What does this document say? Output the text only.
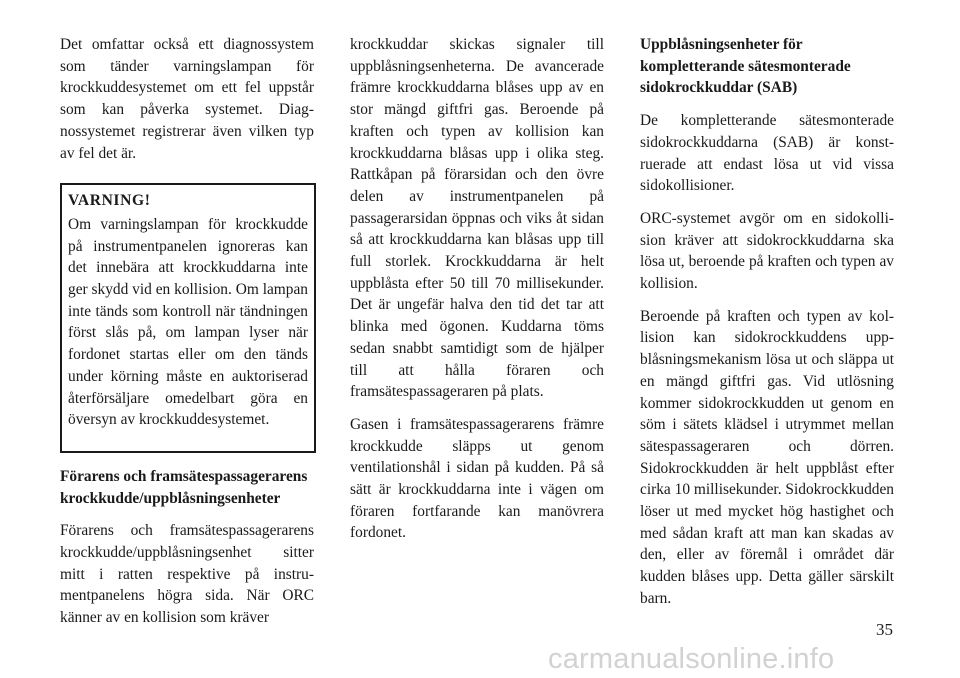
Det omfattar också ett diagnossystem som tänder varningslampan för krockkuddesystemet om ett fel uppstår som kan påverka systemet. Diagnossystemet registrerar även vilken typ av fel det är.

VARNING!

Om varningslampan för krockkudde på instrumentpanelen ignoreras kan det innebära att krockkuddarna inte ger skydd vid en kollision. Om lampan inte tänds som kontroll när tändningen först slås på, om lampan lyser när fordonet startas eller om den tänds under körning måste en auktoriserad återförsäljare omedelbart göra en översyn av krockkuddesystemet.

Förarens och framsätespassagerarens krockkudde/uppblåsningsenheter

Förarens och framsätespassagerarens krockkudde/uppblåsningsenhet sitter mitt i ratten respektive på instrumentpanelens högra sida. När ORC känner av en kollision som kräver

krockkuddar skickas signaler till uppblåsningsenheterna. De avancerade främre krockkuddarna blåses upp av en stor mängd giftfri gas. Beroende på kraften och typen av kollision kan krockkuddarna blåsas upp i olika steg. Rattkåpan på förarsidan och den övre delen av instrumentpanelen på passagerarsidan öppnas och viks åt sidan så att krockkuddarna kan blåsas upp till full storlek. Krockkuddarna är helt uppblåsta efter 50 till 70 millisekunder. Det är ungefär halva den tid det tar att blinka med ögonen. Kuddarna töms sedan snabbt samtidigt som de hjälper till att hålla föraren och framsätespassageraren på plats.

Gasen i framsätespassagerarens främre krockkudde släpps ut genom ventilationshål i sidan på kudden. På så sätt är krockkuddarna inte i vägen om föraren fortfarande kan manövrera fordonet.

Uppblåsningsenheter för kompletterande sätesmonterade sidokrockkuddar (SAB)

De kompletterande sätesmonterade sidokrockkuddarna (SAB) är konstruerade att endast lösa ut vid vissa sidokollisioner.

ORC-systemet avgör om en sidokollision kräver att sidokrockkuddarna ska lösa ut, beroende på kraften och typen av kollision.

Beroende på kraften och typen av kollision kan sidokrockkuddens uppblåsningsmekanism lösa ut och släppa ut en mängd giftfri gas. Vid utlösning kommer sidokrockkudden ut genom en söm i sätets klädsel i utrymmet mellan sätespassageraren och dörren. Sidokrockkudden är helt uppblåst efter cirka 10 millisekunder. Sidokrockkudden löser ut med mycket hög hastighet och med sådan kraft att man kan skadas av den, eller av föremål i området där kudden blåses upp. Detta gäller särskilt barn.

35
carmanualsonline.info
